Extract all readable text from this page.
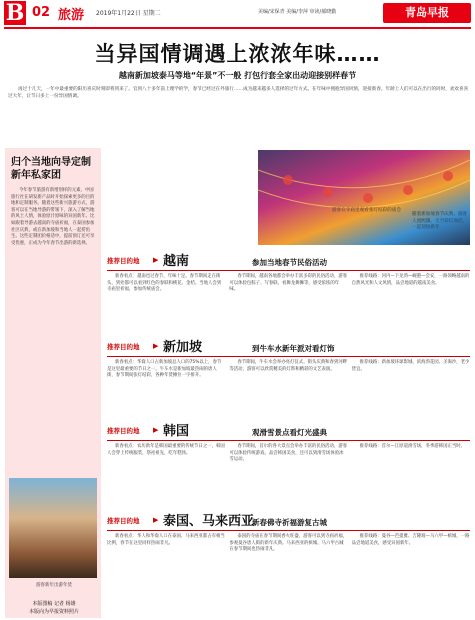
B 02 旅游 2019年1月22日 星期二	美编/宋保青 美编/李萍 审读/郝晓勤	青岛早报
当异国情调遇上浓浓年味……
越南新加坡泰马等地“年景”不一般 打包行套全家出动迎接别样春节
再过十几天，一年中最重要的阳历喜庆时刻即将到来了。官到八十多年前上理学的学，春节已经过在外旅行……成为越来越多人选择的过年方式。在年味中拥抱异国风情，迎接新春。年龄上人们可以在出行的同时，欢欢喜喜过大年，让节日多上一份异国情调。
归个当地向导定制新年私家团
今年春节旅游有新增别样的元素，中国旅行社在研发新产品时开始探索更多的目的地和定制服务。随着这些新兴旅游方式，游客可以在当地导游的带领下，深入了解当地的风土人情，体验原汁原味的异国新年。比如跟着导游去越南的寺庙祈福，在泰国参加社区庆典，或在新加坡和当地人一起捞鱼生。这些定制团价格适中，提前预订还可享受优惠，正成为今年春节出游的新选择。
游客新年出游年货
本版图稿 记者 杨雄
本版向为早报资料照片
游客在寺庙里观看张灯结彩的庙会
随着新加坡春节庆典，游客人流熙攘，天空彩灯高挂，一起迎接新年
推荐目的地 ▶ 越南	参加当地春节民俗活动

新春看点：越南也过春节，年味十足。春节期间走在街头，到处都可以看到红色的春联和桃花、金桔。当地人会到寺庙里祈福，参加传统庙会。

春节期间，越南各地都会举办丰富多彩的民俗活动，游客可以体验包粽子、写春联、看舞龙舞狮等，感受浓浓的年味。

推荐线路：河内—下龙湾—岘港—会安，一路领略越南的自然风光和人文风情，品尝地道的越南美食。

推荐目的地 ▶ 新加坡	到牛车水新年派对看灯饰

新春看点：华裔人口占新加坡总人口的75%以上，春节是这里最重要的节日之一。牛车水是新加坡最热闹的唐人街，春节期间张灯结彩，各种年货摊位一字排开。

春节期间，牛车水会举办亮灯仪式、街头庆典和春到河畔等活动，游客可以欣赏精美的灯饰和精彩的文艺表演。

推荐线路：新加坡环球影城、滨海湾花园、圣淘沙，老少皆宜。

推荐目的地 ▶ 韩国	观滑雪景点看灯光盛典

新春看点：农历新年是韩国最重要的传统节日之一，韩国人会穿上传统服装，祭祀祖先，吃年糕汤。

春节期间，首尔的各大景点会举办丰富的民俗活动，游客可以体验传统游戏、品尝韩国美食，还可以到滑雪场体验冰雪运动。

推荐线路：首尔—江原道滑雪场，冬季游韩国正当时。

推荐目的地 ▶ 泰国、马来西亚
新春佛寺祈福游复古城

新春看点：华人和华裔人口在泰国、马来西亚都占有相当比例，春节在这里同样热闹非凡。

泰国的寺庙在春节期间香火旺盛，游客可以到寺庙祈福，参观曼谷唐人街的新年庆典。马来西亚的槟城、马六甲古城在春节期间也热闹非凡。

推荐线路：曼谷—芭提雅、吉隆坡—马六甲—槟城，一路品尝地道美食，感受异国新年。
